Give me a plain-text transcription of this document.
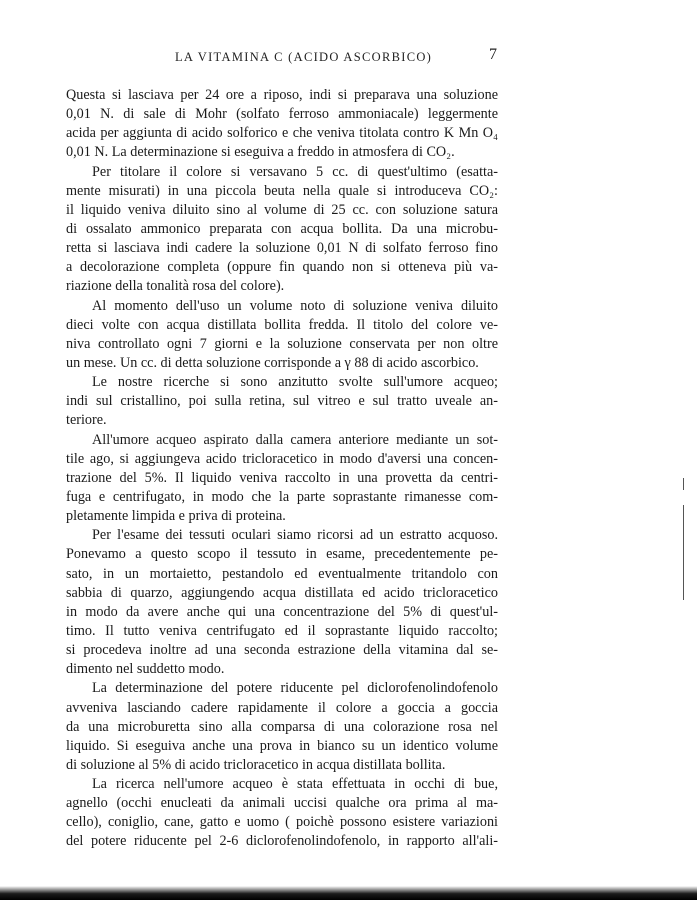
LA VITAMINA C (ACIDO ASCORBICO)	7
Questa si lasciava per 24 ore a riposo, indi si preparava una soluzione
0,01 N. di sale di Mohr (solfato ferroso ammoniacale) leggermente
acida per aggiunta di acido solforico e che veniva titolata contro K Mn O₄
0,01 N. La determinazione si eseguiva a freddo in atmosfera di CO₂.
Per titolare il colore si versavano 5 cc. di quest'ultimo (esatta-
mente misurati) in una piccola beuta nella quale si introduceva CO₂:
il liquido veniva diluito sino al volume di 25 cc. con soluzione satura
di ossalato ammonico preparata con acqua bollita. Da una microbu-
retta si lasciava indi cadere la soluzione 0,01 N di solfato ferroso fino
a decolorazione completa (oppure fin quando non si otteneva più va-
riazione della tonalità rosa del colore).
Al momento dell'uso un volume noto di soluzione veniva diluito
dieci volte con acqua distillata bollita fredda. Il titolo del colore ve-
niva controllato ogni 7 giorni e la soluzione conservata per non oltre
un mese. Un cc. di detta soluzione corrisponde a γ 88 di acido ascorbico.
Le nostre ricerche si sono anzitutto svolte sull'umore acqueo;
indi sul cristallino, poi sulla retina, sul vitreo e sul tratto uveale an-
teriore.
All'umore acqueo aspirato dalla camera anteriore mediante un sot-
tile ago, si aggiungeva acido tricloracetico in modo d'aversi una concen-
trazione del 5%. Il liquido veniva raccolto in una provetta da centri-
fuga e centrifugato, in modo che la parte soprastante rimanesse com-
pletamente limpida e priva di proteina.
Per l'esame dei tessuti oculari siamo ricorsi ad un estratto acquoso.
Ponevamo a questo scopo il tessuto in esame, precedentemente pe-
sato, in un mortaietto, pestandolo ed eventualmente tritandolo con
sabbia di quarzo, aggiungendo acqua distillata ed acido tricloracetico
in modo da avere anche qui una concentrazione del 5% di quest'ul-
timo. Il tutto veniva centrifugato ed il soprastante liquido raccolto;
si procedeva inoltre ad una seconda estrazione della vitamina dal se-
dimento nel suddetto modo.
La determinazione del potere riducente pel diclorofenolindofenolo
avveniva lasciando cadere rapidamente il colore a goccia a goccia
da una microburetta sino alla comparsa di una colorazione rosa nel
liquido. Si eseguiva anche una prova in bianco su un identico volume
di soluzione al 5% di acido tricloracetico in acqua distillata bollita.
La ricerca nell'umore acqueo è stata effettuata in occhi di bue,
agnello (occhi enucleati da animali uccisi qualche ora prima al ma-
cello), coniglio, cane, gatto e uomo ( poichè possono esistere variazioni
del potere riducente pel 2-6 diclorofenolindofenolo, in rapporto all'ali-
